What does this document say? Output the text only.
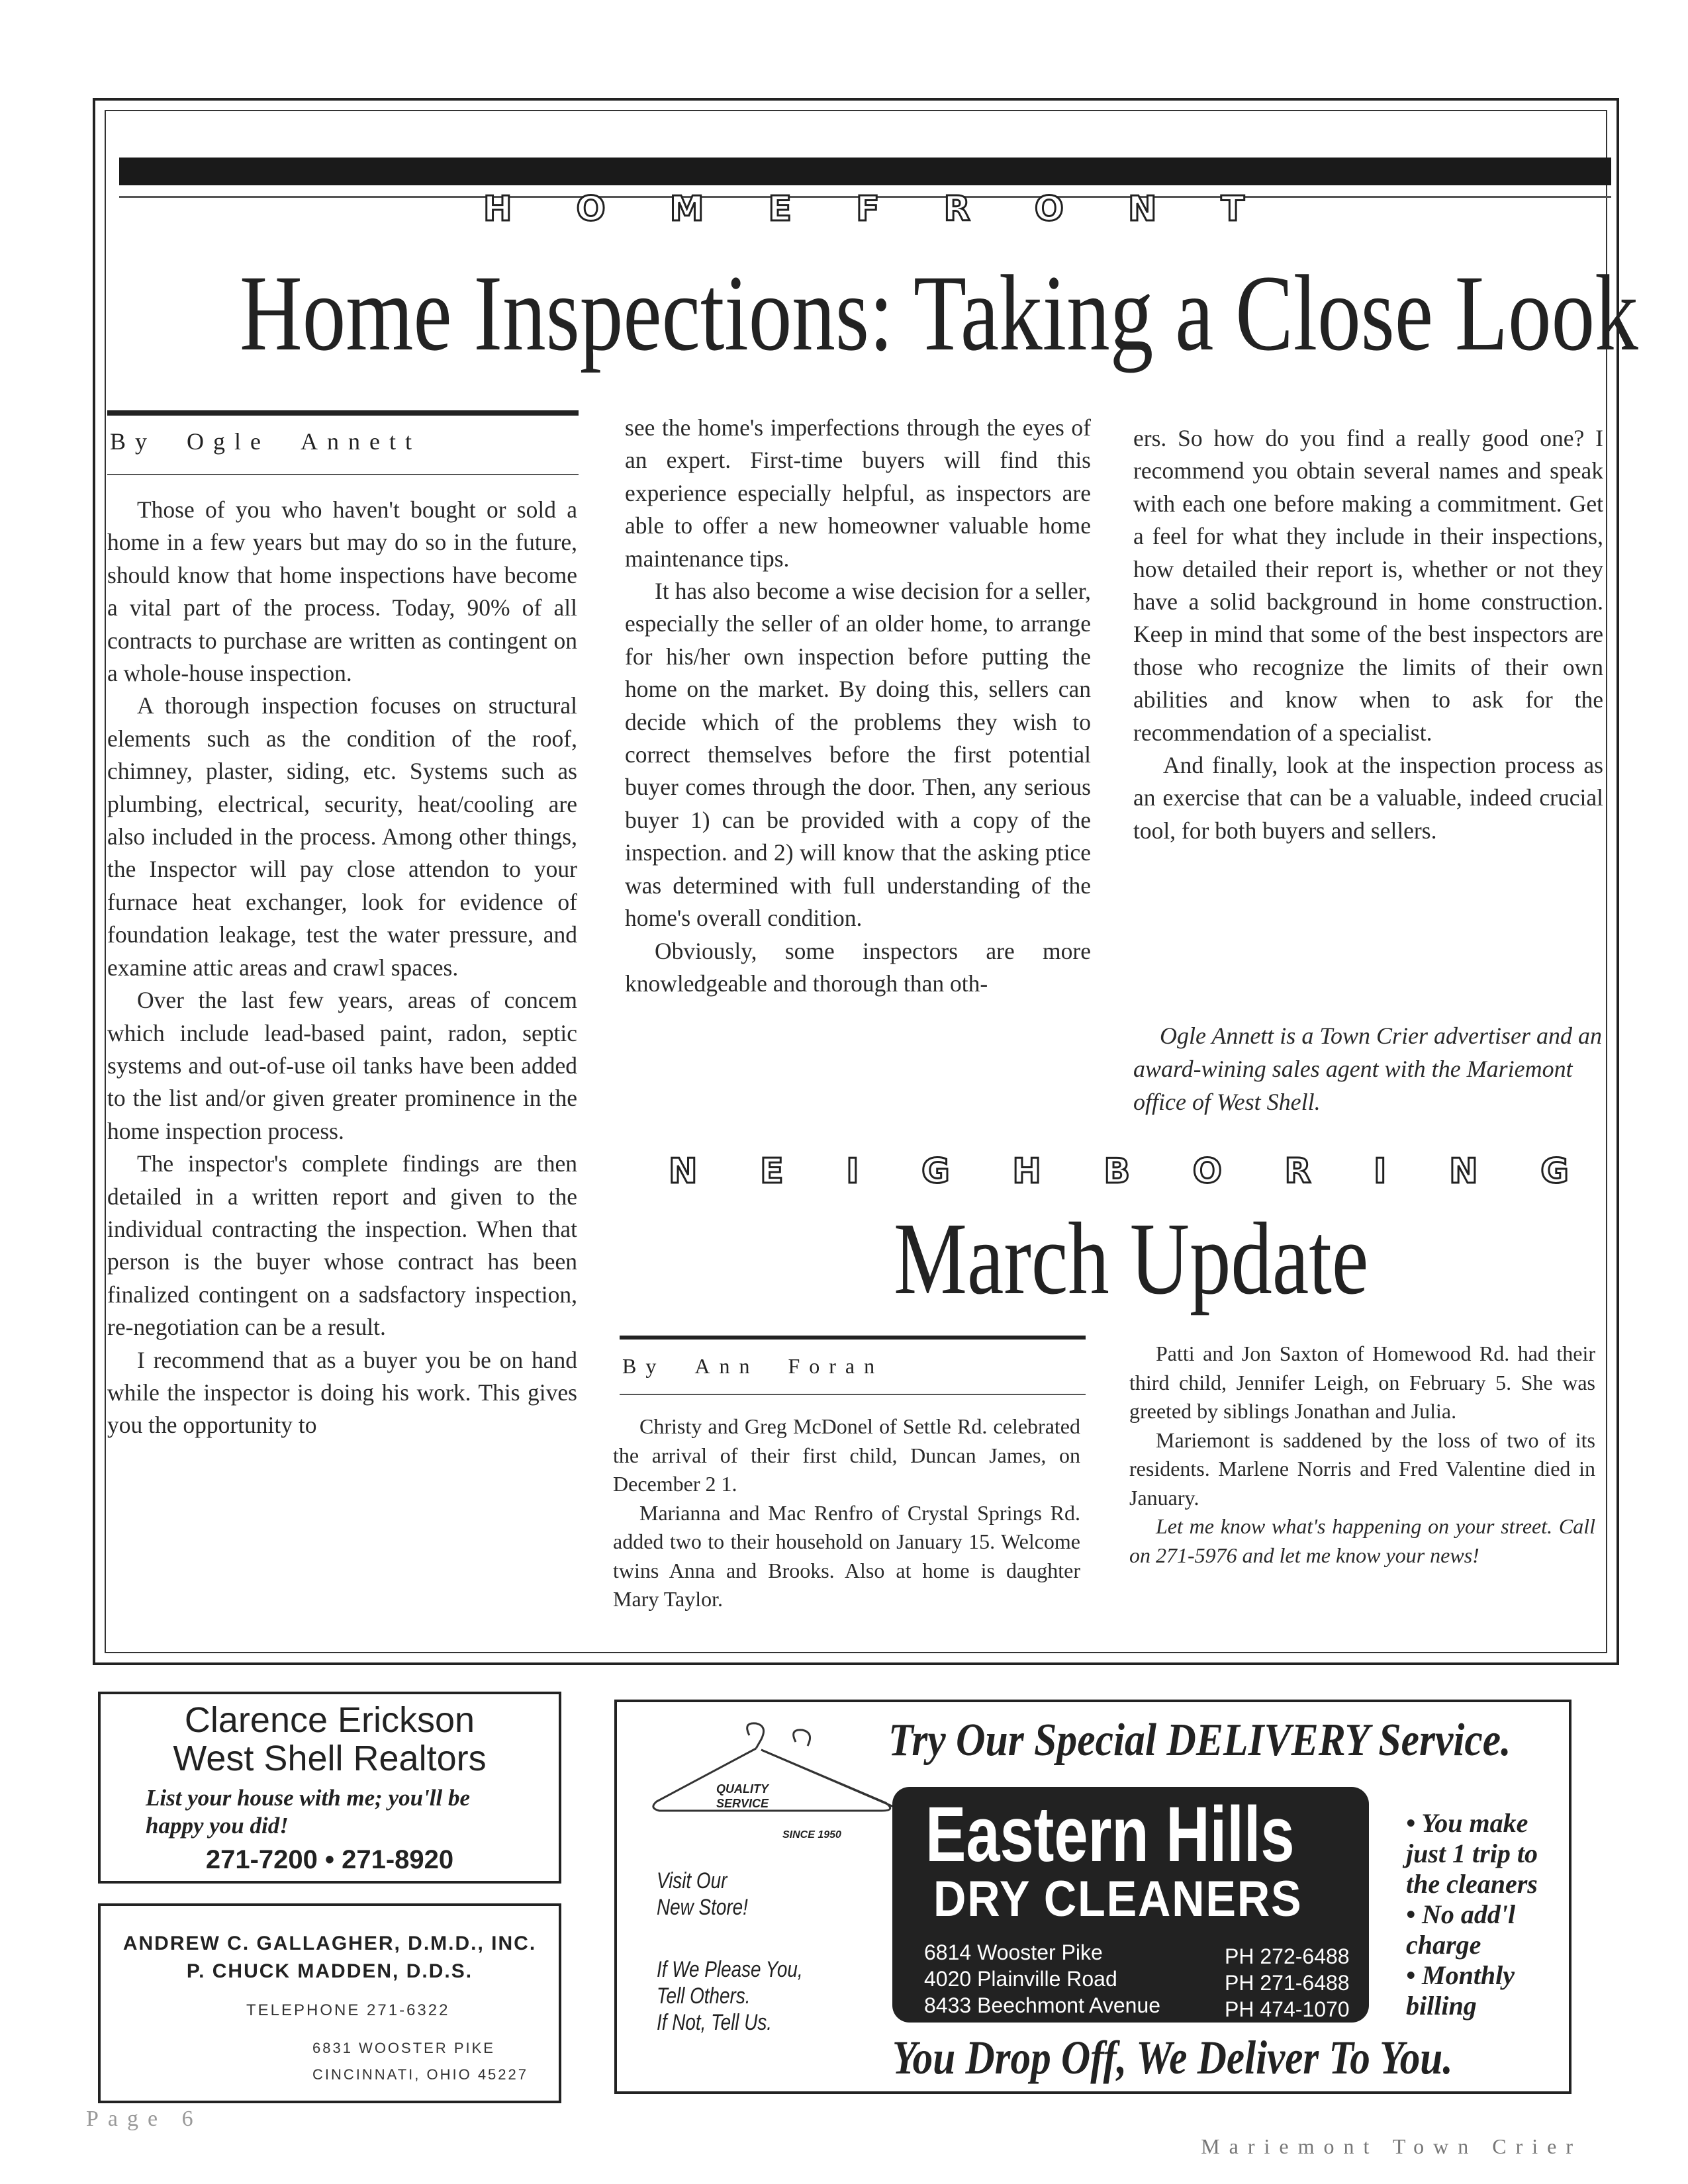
H O M E F R O N T
Home Inspections: Taking a Close Look
By Ogle Annett

Those of you who haven't bought or sold a home in a few years but may do so in the future, should know that home inspections have become a vital part of the process. Today, 90% of all contracts to purchase are written as contingent on a whole-house inspection.

A thorough inspection focuses on structural elements such as the condition of the roof, chimney, plaster, siding, etc. Systems such as plumbing, electrical, security, heat/cooling are also included in the process. Among other things, the Inspector will pay close attendon to your furnace heat exchanger, look for evidence of foundation leakage, test the water pressure, and examine attic areas and crawl spaces.

Over the last few years, areas of concem which include lead-based paint, radon, septic systems and out-of-use oil tanks have been added to the list and/or given greater prominence in the home inspection process.

The inspector's complete findings are then detailed in a written report and given to the individual contracting the inspection. When that person is the buyer whose contract has been finalized contingent on a sadsfactory inspection, re-negotiation can be a result.

I recommend that as a buyer you be on hand while the inspector is doing his work. This gives you the opportunity to

see the home's imperfections through the eyes of an expert. First-time buyers will find this experience especially helpful, as inspectors are able to offer a new homeowner valuable home maintenance tips.

It has also become a wise decision for a seller, especially the seller of an older home, to arrange for his/her own inspection before putting the home on the market. By doing this, sellers can decide which of the problems they wish to correct themselves before the first potential buyer comes through the door. Then, any serious buyer 1) can be provided with a copy of the inspection. and 2) will know that the asking ptice was determined with full understanding of the home's overall condition.

Obviously, some inspectors are more knowledgeable and thorough than oth-

ers. So how do you find a really good one? I recommend you obtain several names and speak with each one before making a commitment. Get a feel for what they include in their inspections, how detailed their report is, whether or not they have a solid background in home construction. Keep in mind that some of the best inspectors are those who recognize the limits of their own abilities and know when to ask for the recommendation of a specialist.

And finally, look at the inspection process as an exercise that can be a valuable, indeed crucial tool, for both buyers and sellers.

Ogle Annett is a Town Crier advertiser and an award-wining sales agent with the Mariemont office of West Shell.
N E I G H B O R I N G
March Update
By Ann Foran

Christy and Greg McDonel of Settle Rd. celebrated the arrival of their first child, Duncan James, on December 2 1.

Marianna and Mac Renfro of Crystal Springs Rd. added two to their household on January 15. Welcome twins Anna and Brooks. Also at home is daughter Mary Taylor.

Patti and Jon Saxton of Homewood Rd. had their third child, Jennifer Leigh, on February 5. She was greeted by siblings Jonathan and Julia.

Mariemont is saddened by the loss of two of its residents. Marlene Norris and Fred Valentine died in January.

Let me know what's happening on your street. Call on 271-5976 and let me know your news!

Clarence Erickson
West Shell Realtors
List your house with me; you'll be happy you did!
271-7200 • 271-8920
ANDREW C. GALLAGHER, D.M.D., INC.
P. CHUCK MADDEN, D.D.S.
TELEPHONE 271-6322
6831 WOOSTER PIKE
CINCINNATI, OHIO 45227
Try Our Special DELIVERY Service.
QUALITY
SERVICE
SINCE 1950
Visit Our New Store!
If We Please You,
Tell Others.
If Not, Tell Us.
Eastern Hills
DRY CLEANERS
6814 Wooster Pike
4020 Plainville Road
8433 Beechmont Avenue
PH 272-6488
PH 271-6488
PH 474-1070
• You make just 1 trip to the cleaners
• No add'l charge
• Monthly billing
You Drop Off, We Deliver To You.
Page 6
Mariemont Town Crier
